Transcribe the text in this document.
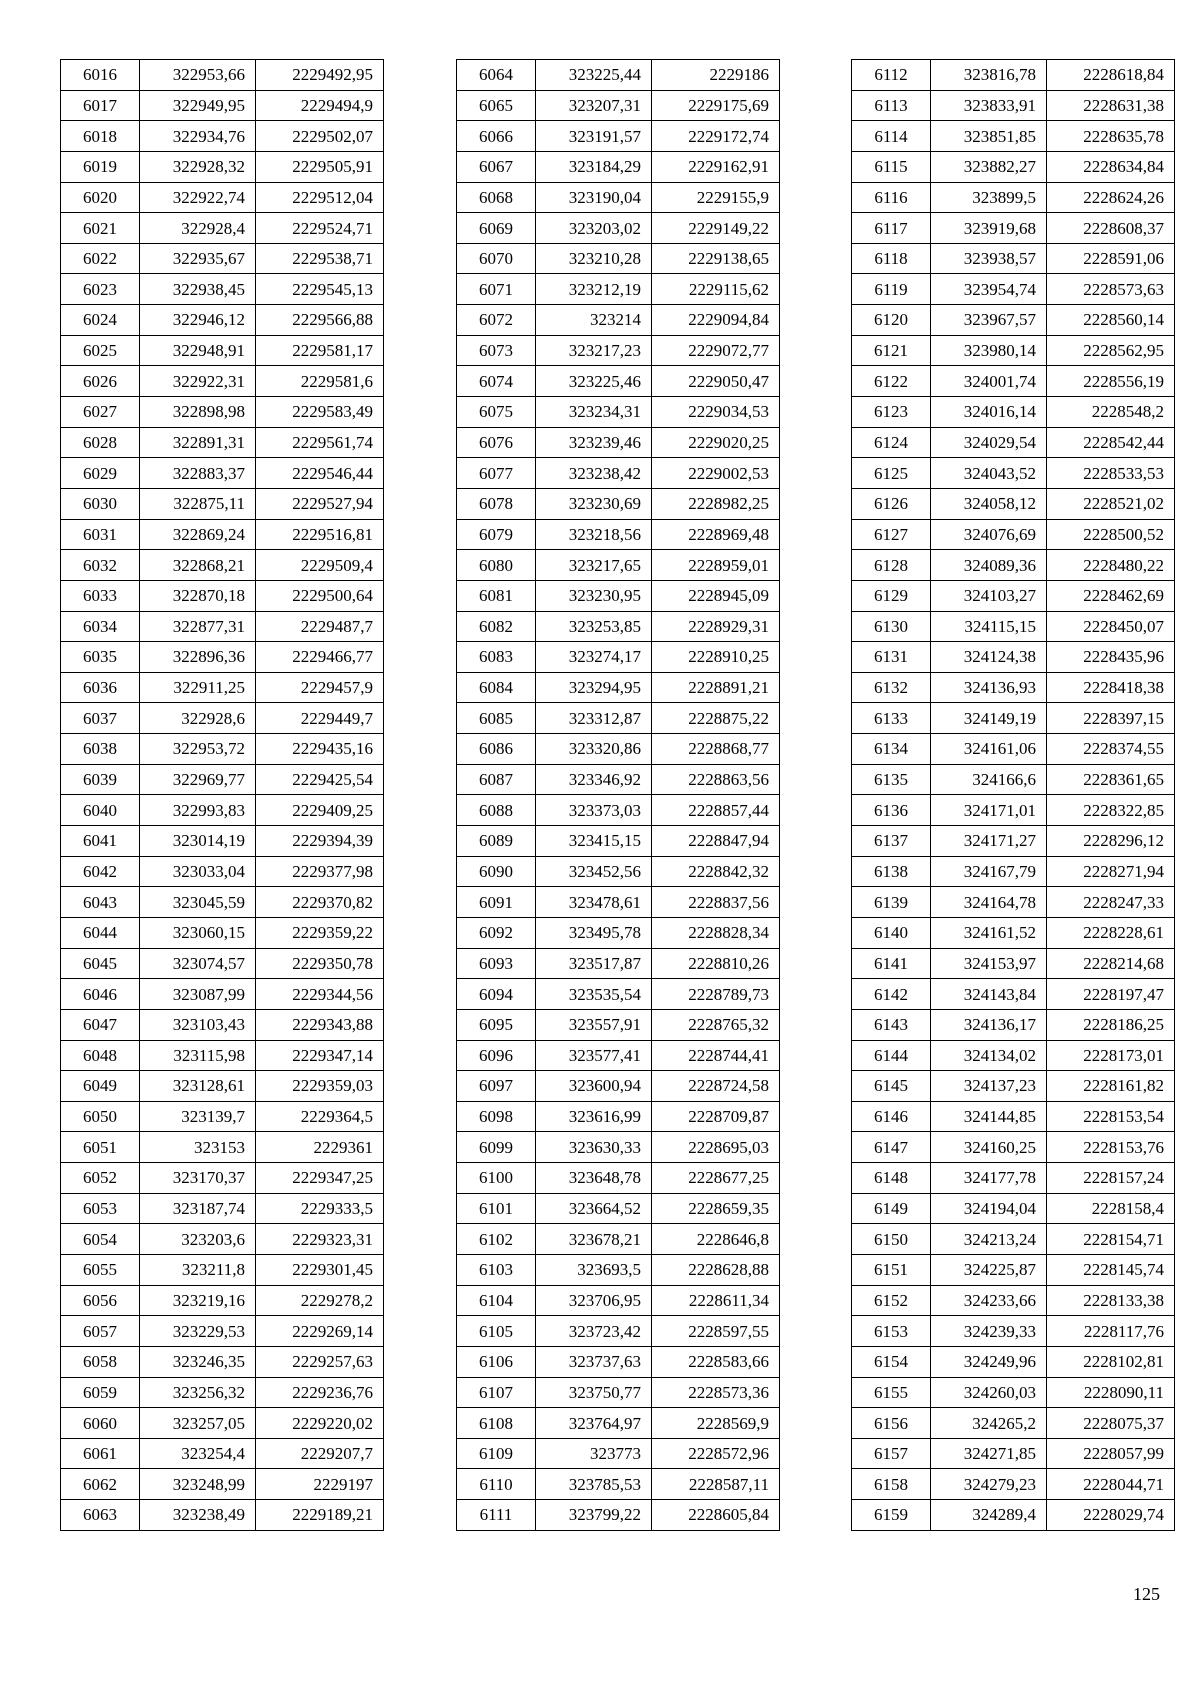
6016	322953,66	2229492,95
6017	322949,95	2229494,9
6018	322934,76	2229502,07
6019	322928,32	2229505,91
6020	322922,74	2229512,04
6021	322928,4	2229524,71
6022	322935,67	2229538,71
6023	322938,45	2229545,13
6024	322946,12	2229566,88
6025	322948,91	2229581,17
6026	322922,31	2229581,6
6027	322898,98	2229583,49
6028	322891,31	2229561,74
6029	322883,37	2229546,44
6030	322875,11	2229527,94
6031	322869,24	2229516,81
6032	322868,21	2229509,4
6033	322870,18	2229500,64
6034	322877,31	2229487,7
6035	322896,36	2229466,77
6036	322911,25	2229457,9
6037	322928,6	2229449,7
6038	322953,72	2229435,16
6039	322969,77	2229425,54
6040	322993,83	2229409,25
6041	323014,19	2229394,39
6042	323033,04	2229377,98
6043	323045,59	2229370,82
6044	323060,15	2229359,22
6045	323074,57	2229350,78
6046	323087,99	2229344,56
6047	323103,43	2229343,88
6048	323115,98	2229347,14
6049	323128,61	2229359,03
6050	323139,7	2229364,5
6051	323153	2229361
6052	323170,37	2229347,25
6053	323187,74	2229333,5
6054	323203,6	2229323,31
6055	323211,8	2229301,45
6056	323219,16	2229278,2
6057	323229,53	2229269,14
6058	323246,35	2229257,63
6059	323256,32	2229236,76
6060	323257,05	2229220,02
6061	323254,4	2229207,7
6062	323248,99	2229197
6063	323238,49	2229189,21
6064	323225,44	2229186
6065	323207,31	2229175,69
6066	323191,57	2229172,74
6067	323184,29	2229162,91
6068	323190,04	2229155,9
6069	323203,02	2229149,22
6070	323210,28	2229138,65
6071	323212,19	2229115,62
6072	323214	2229094,84
6073	323217,23	2229072,77
6074	323225,46	2229050,47
6075	323234,31	2229034,53
6076	323239,46	2229020,25
6077	323238,42	2229002,53
6078	323230,69	2228982,25
6079	323218,56	2228969,48
6080	323217,65	2228959,01
6081	323230,95	2228945,09
6082	323253,85	2228929,31
6083	323274,17	2228910,25
6084	323294,95	2228891,21
6085	323312,87	2228875,22
6086	323320,86	2228868,77
6087	323346,92	2228863,56
6088	323373,03	2228857,44
6089	323415,15	2228847,94
6090	323452,56	2228842,32
6091	323478,61	2228837,56
6092	323495,78	2228828,34
6093	323517,87	2228810,26
6094	323535,54	2228789,73
6095	323557,91	2228765,32
6096	323577,41	2228744,41
6097	323600,94	2228724,58
6098	323616,99	2228709,87
6099	323630,33	2228695,03
6100	323648,78	2228677,25
6101	323664,52	2228659,35
6102	323678,21	2228646,8
6103	323693,5	2228628,88
6104	323706,95	2228611,34
6105	323723,42	2228597,55
6106	323737,63	2228583,66
6107	323750,77	2228573,36
6108	323764,97	2228569,9
6109	323773	2228572,96
6110	323785,53	2228587,11
6111	323799,22	2228605,84
6112	323816,78	2228618,84
6113	323833,91	2228631,38
6114	323851,85	2228635,78
6115	323882,27	2228634,84
6116	323899,5	2228624,26
6117	323919,68	2228608,37
6118	323938,57	2228591,06
6119	323954,74	2228573,63
6120	323967,57	2228560,14
6121	323980,14	2228562,95
6122	324001,74	2228556,19
6123	324016,14	2228548,2
6124	324029,54	2228542,44
6125	324043,52	2228533,53
6126	324058,12	2228521,02
6127	324076,69	2228500,52
6128	324089,36	2228480,22
6129	324103,27	2228462,69
6130	324115,15	2228450,07
6131	324124,38	2228435,96
6132	324136,93	2228418,38
6133	324149,19	2228397,15
6134	324161,06	2228374,55
6135	324166,6	2228361,65
6136	324171,01	2228322,85
6137	324171,27	2228296,12
6138	324167,79	2228271,94
6139	324164,78	2228247,33
6140	324161,52	2228228,61
6141	324153,97	2228214,68
6142	324143,84	2228197,47
6143	324136,17	2228186,25
6144	324134,02	2228173,01
6145	324137,23	2228161,82
6146	324144,85	2228153,54
6147	324160,25	2228153,76
6148	324177,78	2228157,24
6149	324194,04	2228158,4
6150	324213,24	2228154,71
6151	324225,87	2228145,74
6152	324233,66	2228133,38
6153	324239,33	2228117,76
6154	324249,96	2228102,81
6155	324260,03	2228090,11
6156	324265,2	2228075,37
6157	324271,85	2228057,99
6158	324279,23	2228044,71
6159	324289,4	2228029,74
125
